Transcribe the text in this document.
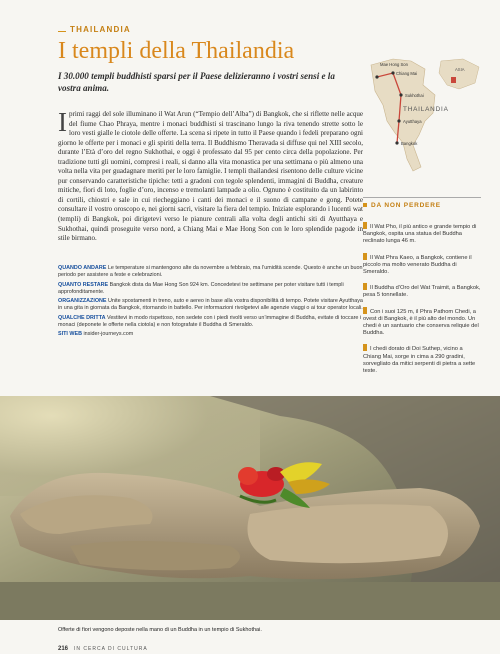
THAILANDIA
I templi della Thailandia

I 30.000 templi buddhisti sparsi per il Paese delizieranno i vostri sensi e la vostra anima.

Iprimi raggi del sole illuminano il Wat Arun (“Tempio dell’Alba”) di Bangkok, che si riflette nelle acque del fiume Chao Phraya, mentre i monaci buddhisti si trascinano lungo la riva tenendo strette sotto le loro vesti gialle le ciotole delle offerte. La scena si ripete in tutto il Paese quando i fedeli preparano ogni giorno le offerte per i monaci e gli spiriti della terra. Il Buddhismo Theravada si diffuse qui nel XIII secolo, durante l’Età d’oro del regno Sukhothai, e oggi è professato dal 95 per cento circa della popolazione. Per tradizione tutti gli uomini, compresi i reali, si danno alla vita monastica per una settimana o più almeno una volta nella vita per guadagnare meriti per le loro famiglie. I templi thailandesi risentono delle culture vicine pur conservando caratteristiche tipiche: tetti a gradoni con tegole splendenti, immagini di Buddha, creature mitiche, fiori di loto, foglie d’oro, incenso e tremolanti lampade a olio. Ognuno è costituito da un labirinto di cortili, chiostri e sale in cui riecheggiano i canti dei monaci e il suono di campane e gong. Potete consultare il vostro oroscopo e, nei giorni sacri, visitare la fiera del tempio. Iniziate esplorando i lucenti wat (templi) di Bangkok, poi dirigetevi verso le pianure centrali alla volta degli antichi siti di Ayutthaya e Sukhothai, quindi proseguite verso nord, a Chiang Mai e Mae Hong Son con le loro splendide pagode in stile birmano.

QUANDO ANDARE Le temperature si mantengono alte da novembre a febbraio, ma l’umidità scende. Questo è anche un buon periodo per assistere a feste e celebrazioni.

QUANTO RESTARE Bangkok dista da Mae Hong Son 924 km. Concedetevi tre settimane per poter visitare tutti i templi approfonditamente.

ORGANIZZAZIONE Unite spostamenti in treno, auto e aereo in base alla vostra disponibilità di tempo. Potete visitare Ayutthaya in una gita in giornata da Bangkok, ritornando in battello. Per informazioni rivolgetevi alle agenzie viaggi o ai tour operator locali.

QUALCHE DRITTA Vestitevi in modo rispettoso, non sedete con i piedi rivolti verso un’immagine di Buddha, evitate di toccare i monaci (deponete le offerte nella ciotola) e non fotografate il Buddha di Smeraldo.

SITI WEB insider-journeys.com

Mae Hong Son
Chiang Mai
Sukhothai
THAILANDIA
Ayutthaya
Bangkok
ASIA
DA NON PERDERE

Il Wat Pho, il più antico e grande tempio di Bangkok, ospita una statua del Buddha reclinato lunga 46 m.

Il Wat Phra Kaeo, a Bangkok, contiene il piccolo ma molto venerato Buddha di Smeraldo.

Il Buddha d’Oro del Wat Traimit, a Bangkok, pesa 5 tonnellate.

Con i suoi 125 m, il Phra Pathom Chedi, a ovest di Bangkok, è il più alto del mondo. Un chedi è un santuario che conserva reliquie del Buddha.

I chedi dorato di Doi Suthep, vicino a Chiang Mai, sorge in cima a 290 gradini, sorvegliato da mitici serpenti di pietra a sette teste.

Offerte di fiori vengono deposte nella mano di un Buddha in un tempio di Sukhothai.
216 IN CERCA DI CULTURA
